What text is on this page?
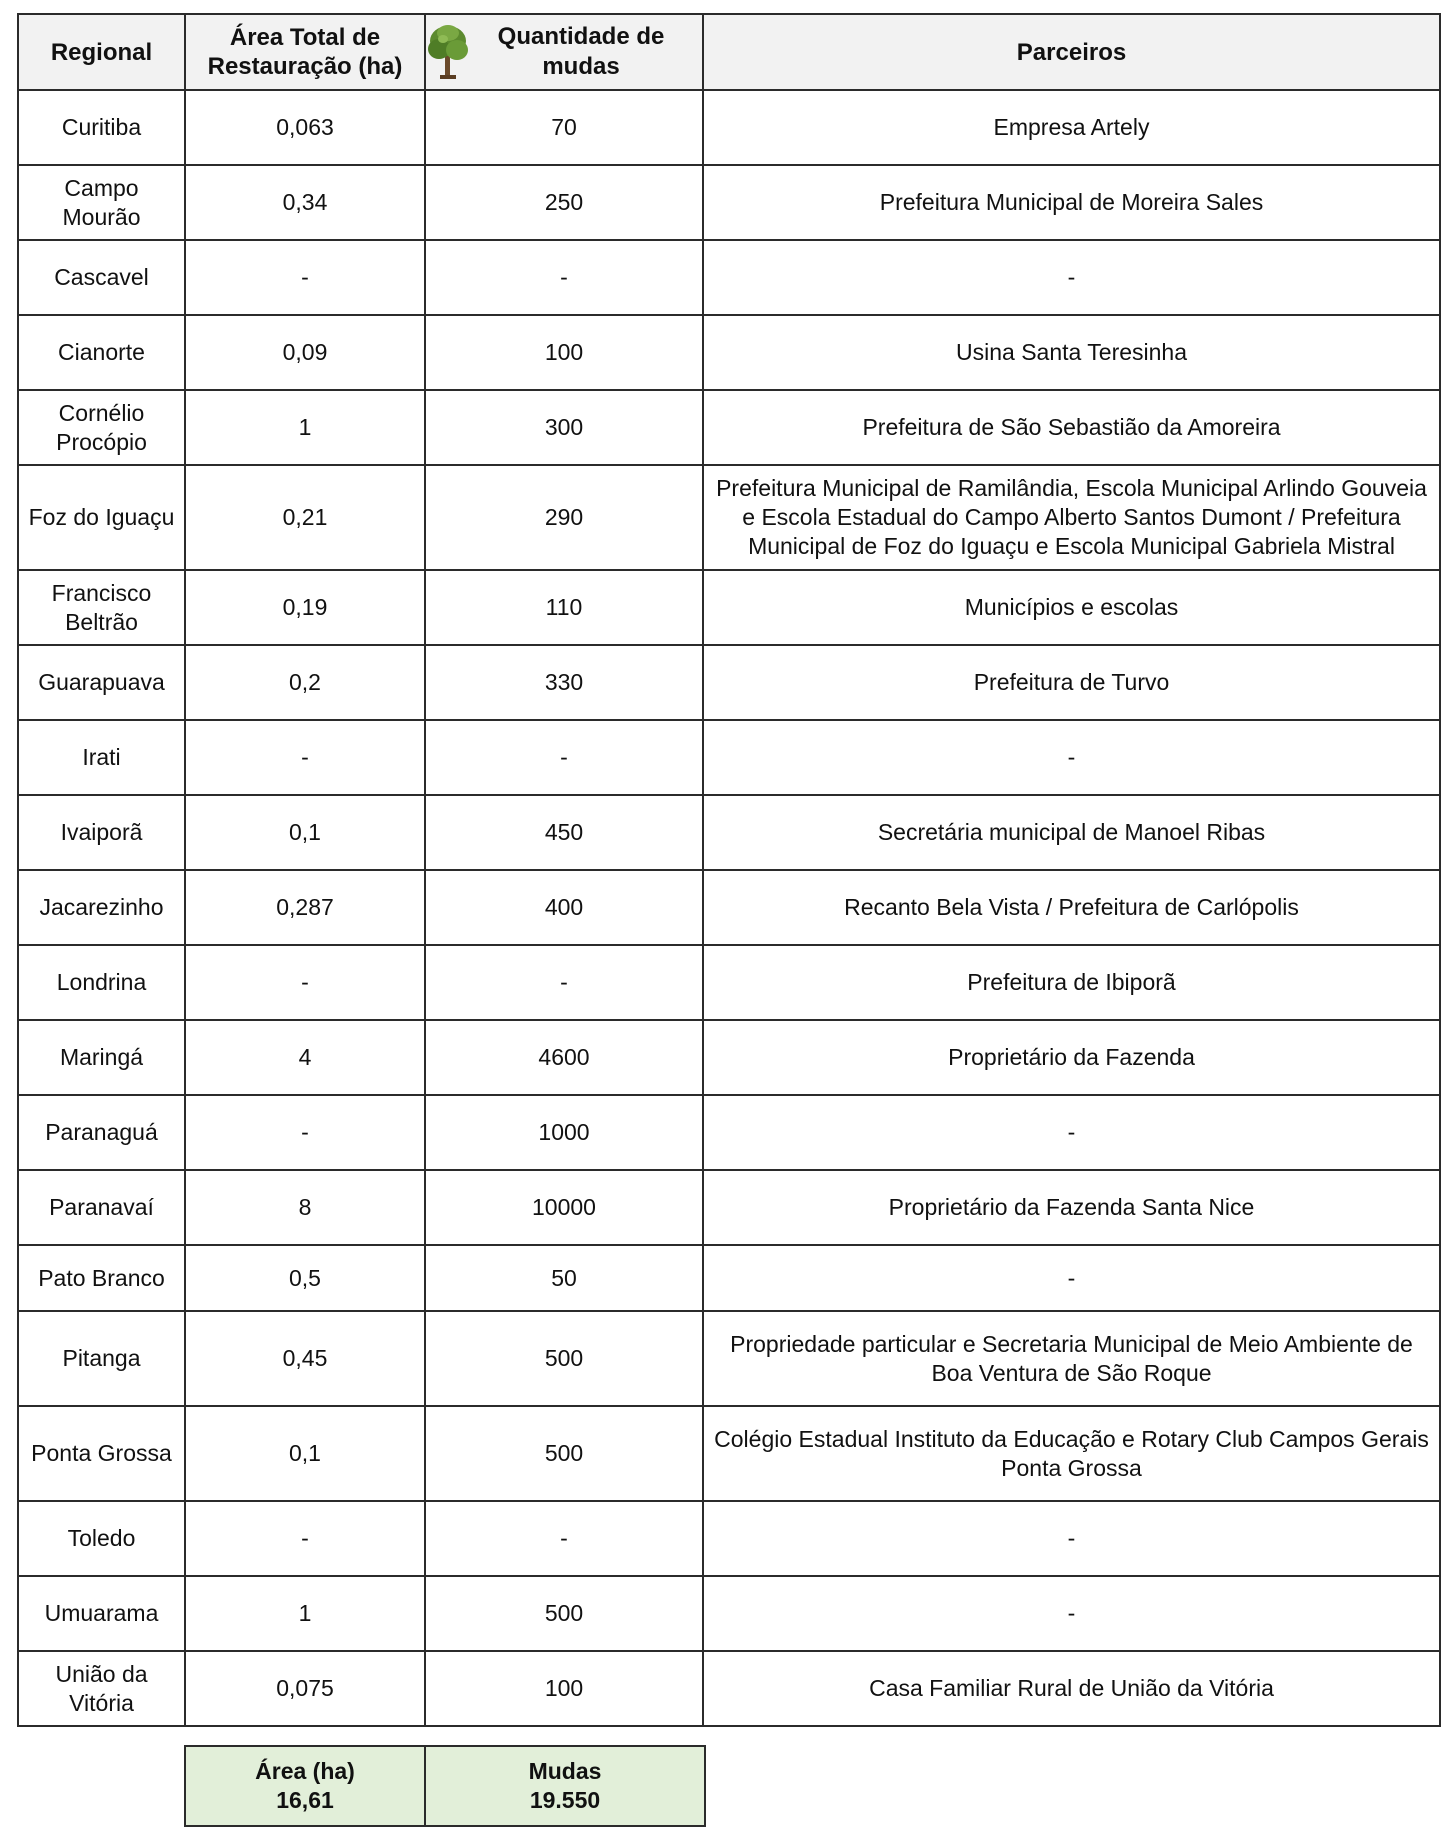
Regional	Área Total de Restauração (ha)	Quantidade de mudas	Parceiros
Curitiba	0,063	70	Empresa Artely
Campo Mourão	0,34	250	Prefeitura Municipal de Moreira Sales
Cascavel	-	-	-
Cianorte	0,09	100	Usina Santa Teresinha
Cornélio Procópio	1	300	Prefeitura de São Sebastião da Amoreira
Foz do Iguaçu	0,21	290	Prefeitura Municipal de Ramilândia, Escola Municipal Arlindo Gouveia e Escola Estadual do Campo Alberto Santos Dumont / Prefeitura Municipal de Foz do Iguaçu e Escola Municipal Gabriela Mistral
Francisco Beltrão	0,19	110	Municípios e escolas
Guarapuava	0,2	330	Prefeitura de Turvo
Irati	-	-	-
Ivaiporã	0,1	450	Secretária municipal de Manoel Ribas
Jacarezinho	0,287	400	Recanto Bela Vista / Prefeitura de Carlópolis
Londrina	-	-	Prefeitura de Ibiporã
Maringá	4	4600	Proprietário da Fazenda
Paranaguá	-	1000	-
Paranavaí	8	10000	Proprietário da Fazenda Santa Nice
Pato Branco	0,5	50	-
Pitanga	0,45	500	Propriedade particular e Secretaria Municipal de Meio Ambiente de Boa Ventura de São Roque
Ponta Grossa	0,1	500	Colégio Estadual Instituto da Educação e Rotary Club Campos Gerais Ponta Grossa
Toledo	-	-	-
Umuarama	1	500	-
União da Vitória	0,075	100	Casa Familiar Rural de União da Vitória
Área (ha)
16,61

Mudas
19.550
